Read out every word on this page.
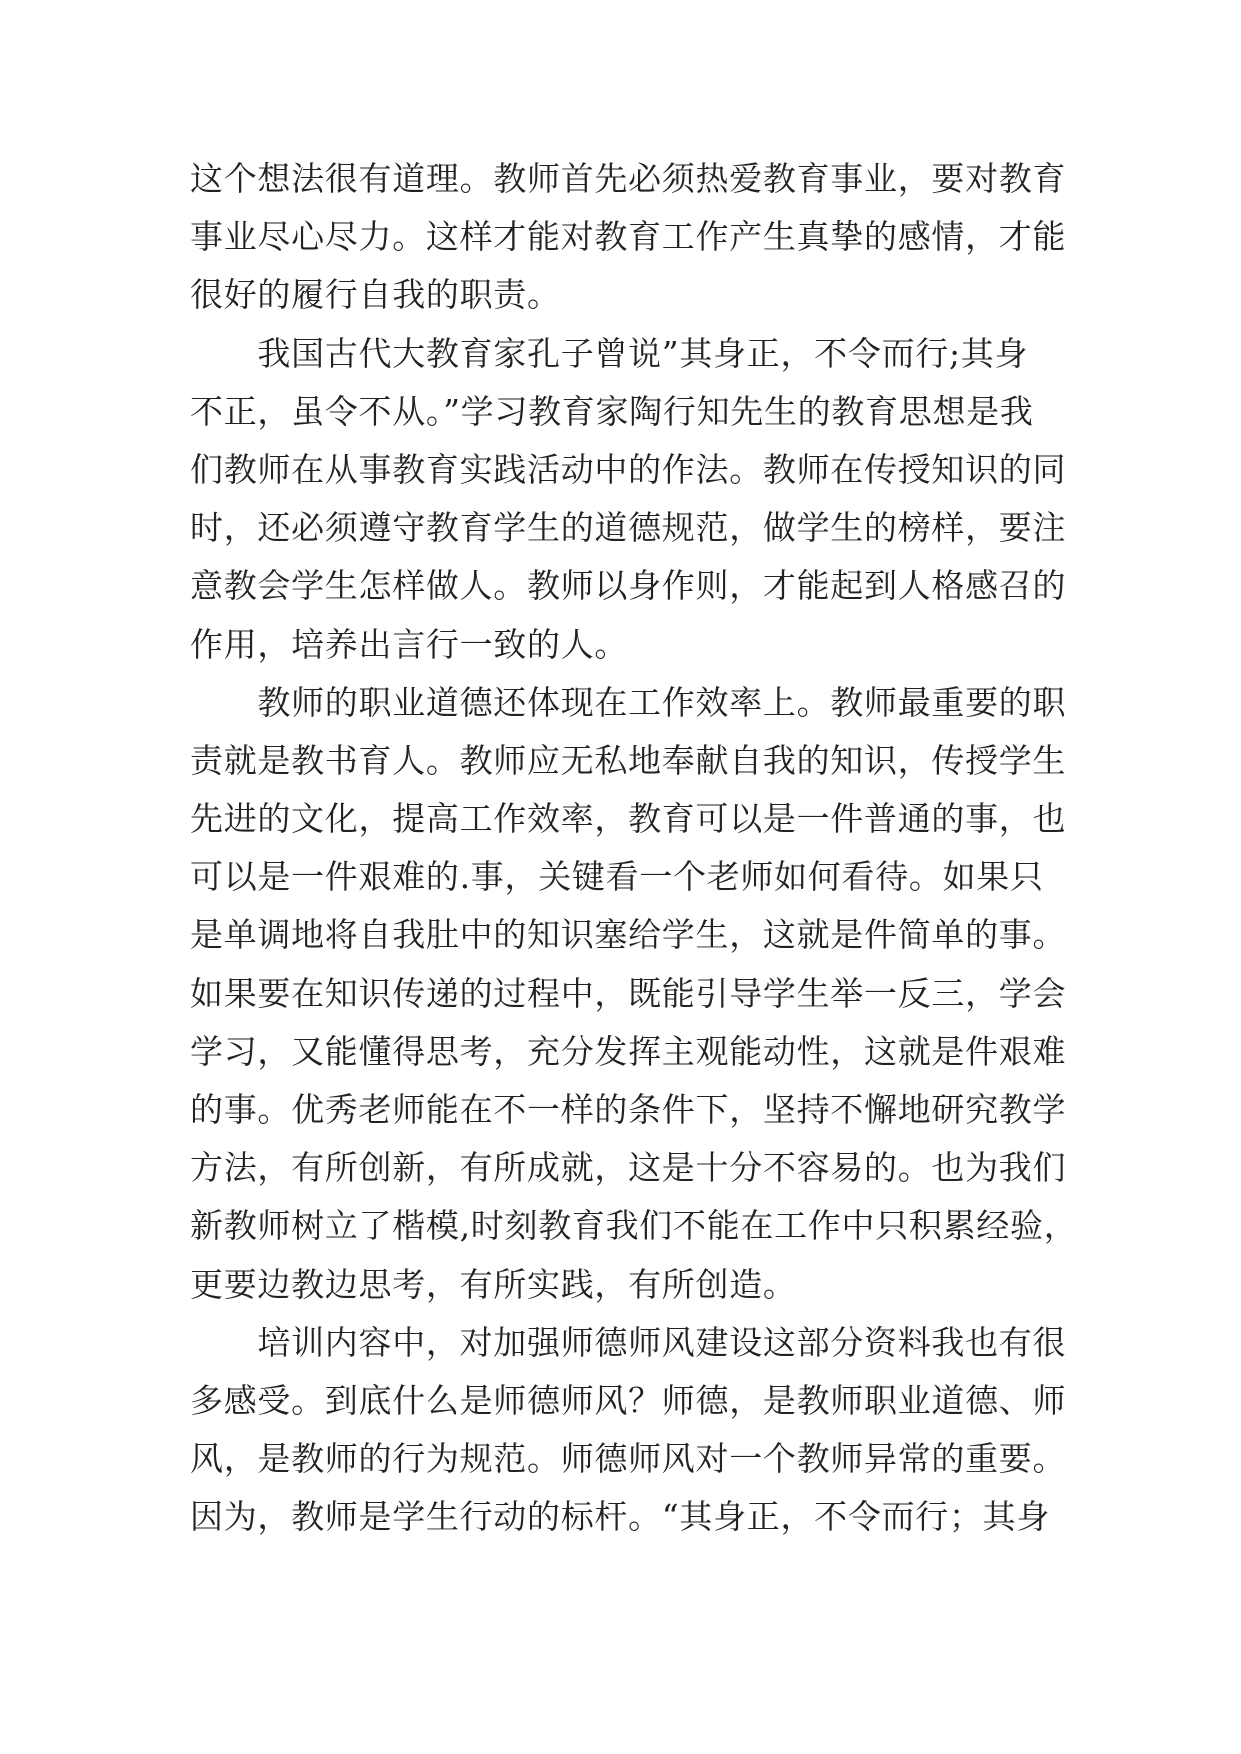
这个想法很有道理。教师首先必须热爱教育事业，要对教育
事业尽心尽力。这样才能对教育工作产生真挚的感情，才能
很好的履行自我的职责。
　　我国古代大教育家孔子曾说”其身正，不令而行;其身
不正，虽令不从。”学习教育家陶行知先生的教育思想是我
们教师在从事教育实践活动中的作法。教师在传授知识的同
时，还必须遵守教育学生的道德规范，做学生的榜样，要注
意教会学生怎样做人。教师以身作则，才能起到人格感召的
作用，培养出言行一致的人。
　　教师的职业道德还体现在工作效率上。教师最重要的职
责就是教书育人。教师应无私地奉献自我的知识，传授学生
先进的文化，提高工作效率，教育可以是一件普通的事，也
可以是一件艰难的.事，关键看一个老师如何看待。如果只
是单调地将自我肚中的知识塞给学生，这就是件简单的事。
如果要在知识传递的过程中，既能引导学生举一反三，学会
学习，又能懂得思考，充分发挥主观能动性，这就是件艰难
的事。优秀老师能在不一样的条件下，坚持不懈地研究教学
方法，有所创新，有所成就，这是十分不容易的。也为我们
新教师树立了楷模,时刻教育我们不能在工作中只积累经验，
更要边教边思考，有所实践，有所创造。
　　培训内容中，对加强师德师风建设这部分资料我也有很
多感受。到底什么是师德师风？师德，是教师职业道德、师
风，是教师的行为规范。师德师风对一个教师异常的重要。
因为，教师是学生行动的标杆。“其身正，不令而行；其身
